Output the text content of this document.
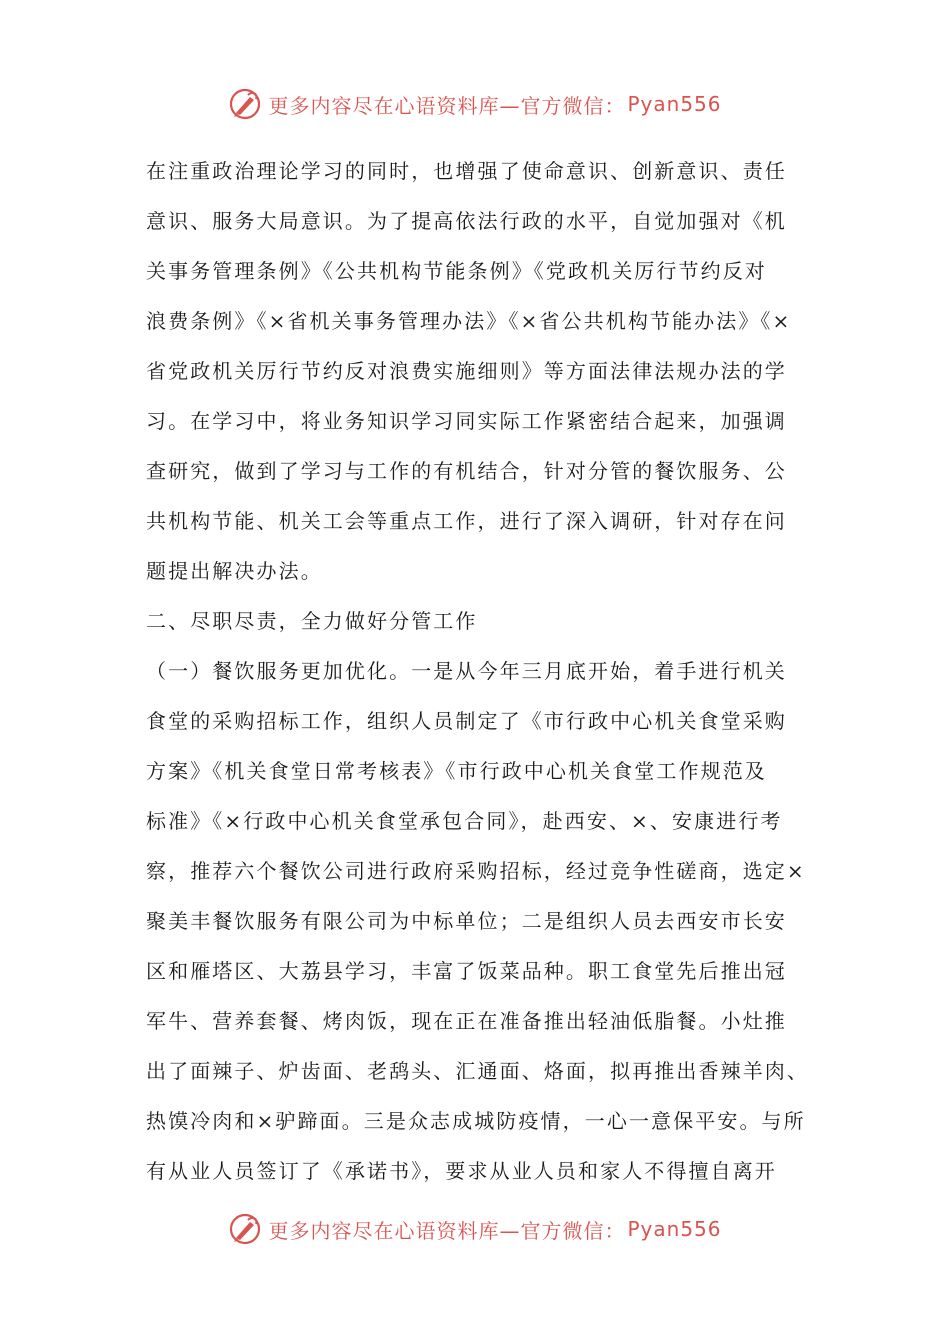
更多内容尽在心语资料库—官方微信： Pyan556
在注重政治理论学习的同时，也增强了使命意识、创新意识、责任
意识、服务大局意识。为了提高依法行政的水平，自觉加强对《机
关事务管理条例》《公共机构节能条例》《党政机关厉行节约反对
浪费条例》《×省机关事务管理办法》《×省公共机构节能办法》《×
省党政机关厉行节约反对浪费实施细则》等方面法律法规办法的学
习。在学习中，将业务知识学习同实际工作紧密结合起来，加强调
查研究，做到了学习与工作的有机结合，针对分管的餐饮服务、公
共机构节能、机关工会等重点工作，进行了深入调研，针对存在问
题提出解决办法。
二、尽职尽责，全力做好分管工作
（一）餐饮服务更加优化。一是从今年三月底开始，着手进行机关
食堂的采购招标工作，组织人员制定了《市行政中心机关食堂采购
方案》《机关食堂日常考核表》《市行政中心机关食堂工作规范及
标准》《×行政中心机关食堂承包合同》，赴西安、×、安康进行考
察，推荐六个餐饮公司进行政府采购招标，经过竞争性磋商，选定×
聚美丰餐饮服务有限公司为中标单位；二是组织人员去西安市长安
区和雁塔区、大荔县学习，丰富了饭菜品种。职工食堂先后推出冠
军牛、营养套餐、烤肉饭，现在正在准备推出轻油低脂餐。小灶推
出了面辣子、炉齿面、老鸹头、汇通面、烙面，拟再推出香辣羊肉、
热馍冷肉和×驴蹄面。三是众志成城防疫情，一心一意保平安。与所
有从业人员签订了《承诺书》，要求从业人员和家人不得擅自离开
更多内容尽在心语资料库—官方微信： Pyan556
